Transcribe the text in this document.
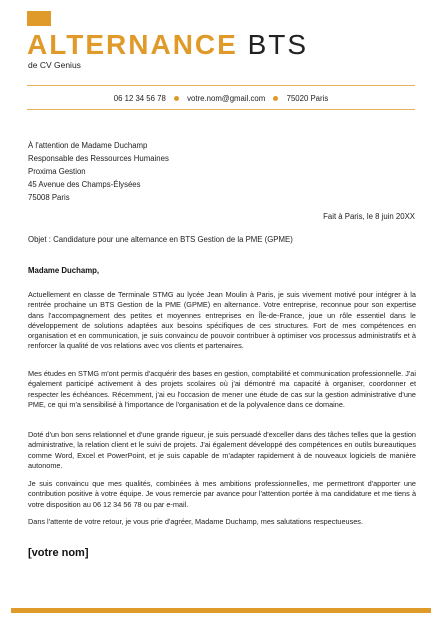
ALTERNANCE BTS
de CV Genius
06 12 34 56 78	votre.nom@gmail.com	75020 Paris
À l'attention de Madame Duchamp
Responsable des Ressources Humaines
Proxima Gestion
45 Avenue des Champs-Élysées
75008 Paris
Fait à Paris, le 8 juin 20XX
Objet : Candidature pour une alternance en BTS Gestion de la PME (GPME)
Madame Duchamp,
Actuellement en classe de Terminale STMG au lycée Jean Moulin à Paris, je suis vivement motivé pour intégrer à la rentrée prochaine un BTS Gestion de la PME (GPME) en alternance. Votre entreprise, reconnue pour son expertise dans l'accompagnement des petites et moyennes entreprises en Île-de-France, joue un rôle essentiel dans le développement de solutions adaptées aux besoins spécifiques de ces structures. Fort de mes compétences en organisation et en communication, je suis convaincu de pouvoir contribuer à optimiser vos processus administratifs et à renforcer la qualité de vos relations avec vos clients et partenaires.
Mes études en STMG m'ont permis d'acquérir des bases en gestion, comptabilité et communication professionnelle. J'ai également participé activement à des projets scolaires où j'ai démontré ma capacité à organiser, coordonner et respecter les échéances. Récemment, j'ai eu l'occasion de mener une étude de cas sur la gestion administrative d'une PME, ce qui m'a sensibilisé à l'importance de l'organisation et de la polyvalence dans ce domaine.
Doté d'un bon sens relationnel et d'une grande rigueur, je suis persuadé d'exceller dans des tâches telles que la gestion administrative, la relation client et le suivi de projets. J'ai également développé des compétences en outils bureautiques comme Word, Excel et PowerPoint, et je suis capable de m'adapter rapidement à de nouveaux logiciels de manière autonome.
Je suis convaincu que mes qualités, combinées à mes ambitions professionnelles, me permettront d'apporter une contribution positive à votre équipe. Je vous remercie par avance pour l'attention portée à ma candidature et me tiens à votre disposition au 06 12 34 56 78 ou par e-mail.
Dans l'attente de votre retour, je vous prie d'agréer, Madame Duchamp, mes salutations respectueuses.
[votre nom]
